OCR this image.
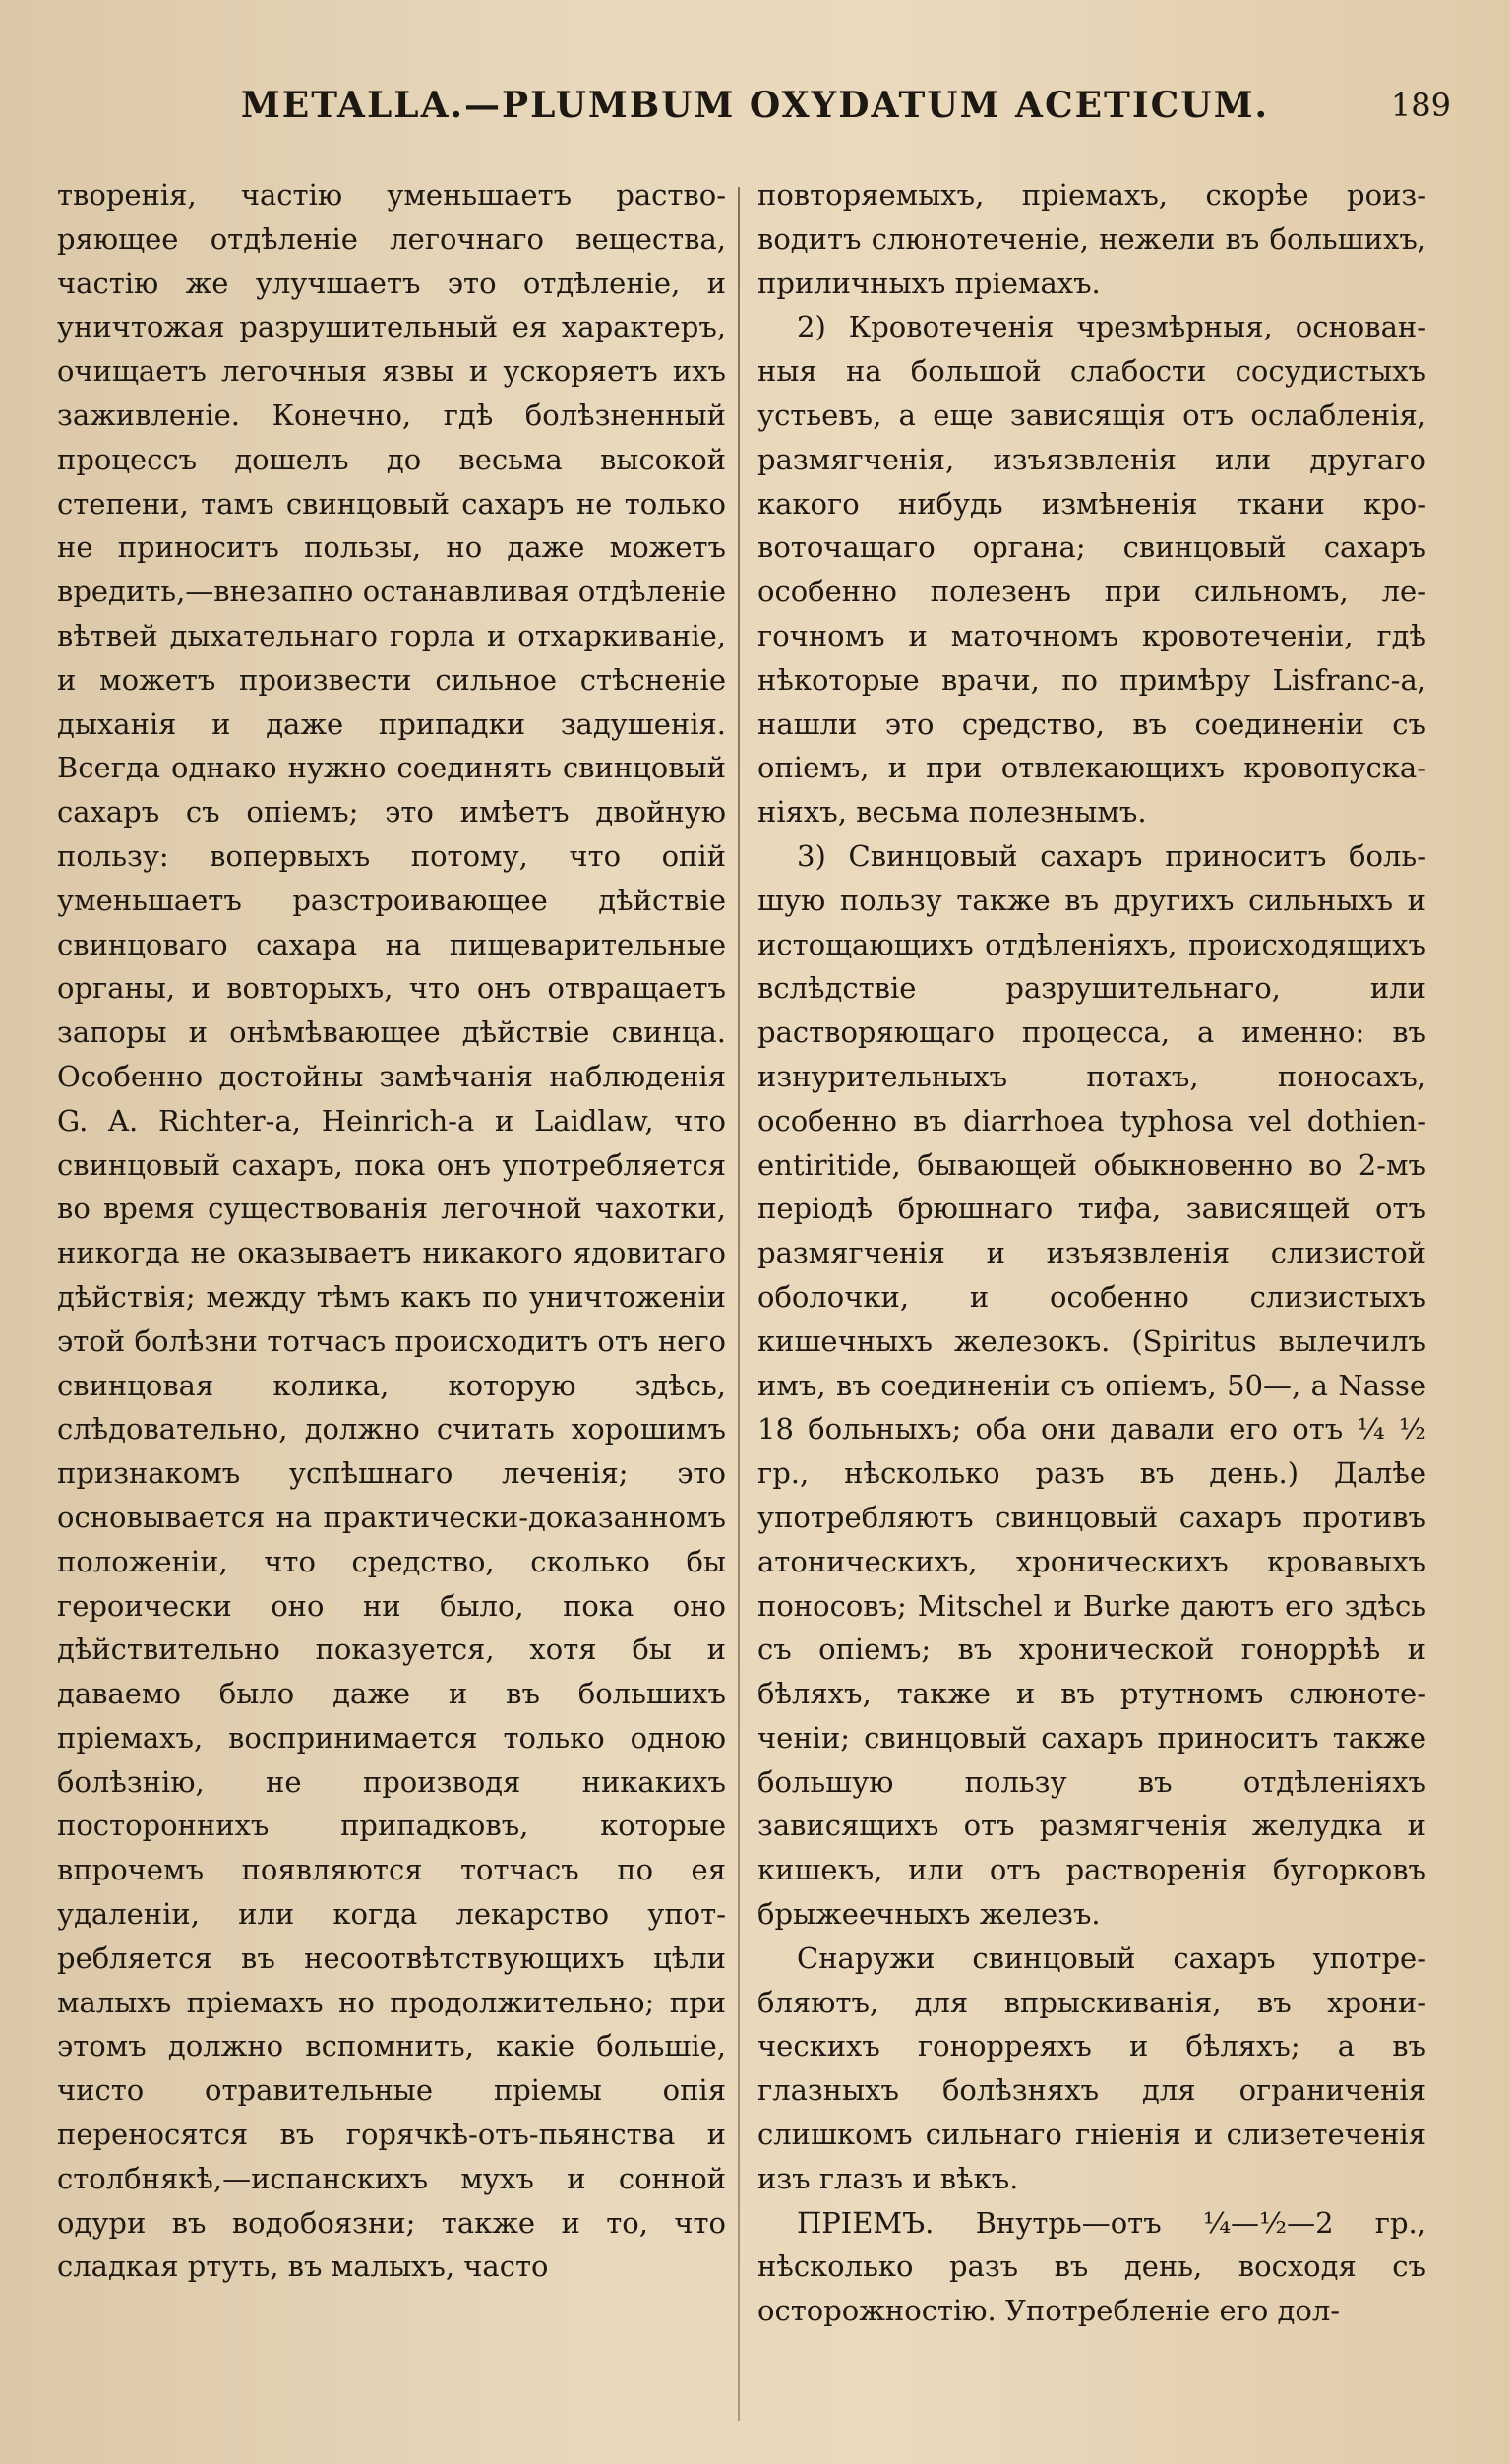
METALLA.—PLUMBUM OXYDATUM ACETICUM.	189

творенія, частію уменьшаетъ растворяющее отдѣленіе легочнаго вещества, частію же улучшаетъ это отдѣленіе, и уничтожая разрушительный ея характеръ, очищаетъ легочныя язвы и ускоряетъ ихъ заживленіе. Конечно, гдѣ болѣзненный процессъ дошелъ до весьма высокой степени, тамъ свинцовый сахаръ не только не приноситъ пользы, но даже можетъ вредить,—внезапно останавливая отдѣленіе вѣтвей дыхательнаго горла и отхаркиваніе, и можетъ произвести сильное стѣсненіе дыханія и даже припадки задушенія. Всегда однако нужно соединять свинцовый сахаръ съ опіемъ; это имѣетъ двойную пользу: вопервыхъ потому, что опій уменьшаетъ разстроивающее дѣйствіе свинцоваго сахара на пищеварительные органы, и вовторыхъ, что онъ отвращаетъ запоры и онѣмѣвающее дѣйствіе свинца. Особенно достойны замѣчанія наблюденія G. A. Richter-а, Heinrich-а и Laidlaw, что свинцовый сахаръ, пока онъ употребляется во время существованія легочной чахотки, никогда не оказываетъ никакого ядовитаго дѣйствія; между тѣмъ какъ по уничтоженіи этой болѣзни тотчасъ происходитъ отъ него свинцовая колика, которую здѣсь, слѣдовательно, должно считать хорошимъ признакомъ успѣшнаго леченія; это основывается на практически-доказанномъ положеніи, что средство, сколько бы героически оно ни было, пока оно дѣйствительно показуется, хотя бы и даваемо было даже и въ большихъ пріемахъ, воспринимается только одною болѣзнію, не производя никакихъ постороннихъ припадковъ, которые впрочемъ появляются тотчасъ по ея удаленіи, или когда лекарство употребляется въ несоотвѣтствующихъ цѣли малыхъ пріемахъ но продолжительно; при этомъ должно вспомнить, какіе большіе, чисто отравительные пріемы опія переносятся въ горячкѣ-отъ-пьянства и столбнякѣ,—испанскихъ мухъ и сонной одури въ водобоязни; также и то, что сладкая ртуть, въ малыхъ, часто

повторяемыхъ, пріемахъ, скорѣе роизводитъ слюнотеченіе, нежели въ большихъ, приличныхъ пріемахъ.

2) Кровотеченія чрезмѣрныя, основанныя на большой слабости сосудистыхъ устьевъ, а еще зависящія отъ ослабленія, размягченія, изъязвленія или другаго какого нибудь измѣненія ткани кровоточащаго органа; свинцовый сахаръ особенно полезенъ при сильномъ, легочномъ и маточномъ кровотеченіи, гдѣ нѣкоторые врачи, по примѣру Lisfranc-а, нашли это средство, въ соединеніи съ опіемъ, и при отвлекающихъ кровопусканіяхъ, весьма полезнымъ.

3) Свинцовый сахаръ приноситъ большую пользу также въ другихъ сильныхъ и истощающихъ отдѣленіяхъ, происходящихъ вслѣдствіе разрушительнаго, или растворяющаго процесса, а именно: въ изнурительныхъ потахъ, поносахъ, особенно въ diarrhoea typhosa vel dothien-entiritide, бывающей обыкновенно во 2-мъ періодѣ брюшнаго тифа, зависящей отъ размягченія и изъязвленія слизистой оболочки, и особенно слизистыхъ кишечныхъ железокъ. (Spiritus вылечилъ имъ, въ соединеніи съ опіемъ, 50—, а Nasse 18 больныхъ; оба они давали его отъ ¼ ½ гр., нѣсколько разъ въ день.) Далѣе употребляютъ свинцовый сахаръ противъ атоническихъ, хроническихъ кровавыхъ поносовъ; Mitschel и Burke даютъ его здѣсь съ опіемъ; въ хронической гоноррѣѣ и бѣляхъ, также и въ ртутномъ слюнотеченіи; свинцовый сахаръ приноситъ также большую пользу въ отдѣленіяхъ зависящихъ отъ размягченія желудка и кишекъ, или отъ растворенія бугорковъ брыжеечныхъ железъ.

Снаружи свинцовый сахаръ употребляютъ, для впрыскиванія, въ хроническихъ гонорреяхъ и бѣляхъ; а въ глазныхъ болѣзняхъ для ограниченія слишкомъ сильнаго гніенія и слизетеченія изъ глазъ и вѣкъ.

ПРІЕМЪ. Внутрь—отъ ¼—½—2 гр., нѣсколько разъ въ день, восходя съ осторожностію. Употребленіе его дол-
